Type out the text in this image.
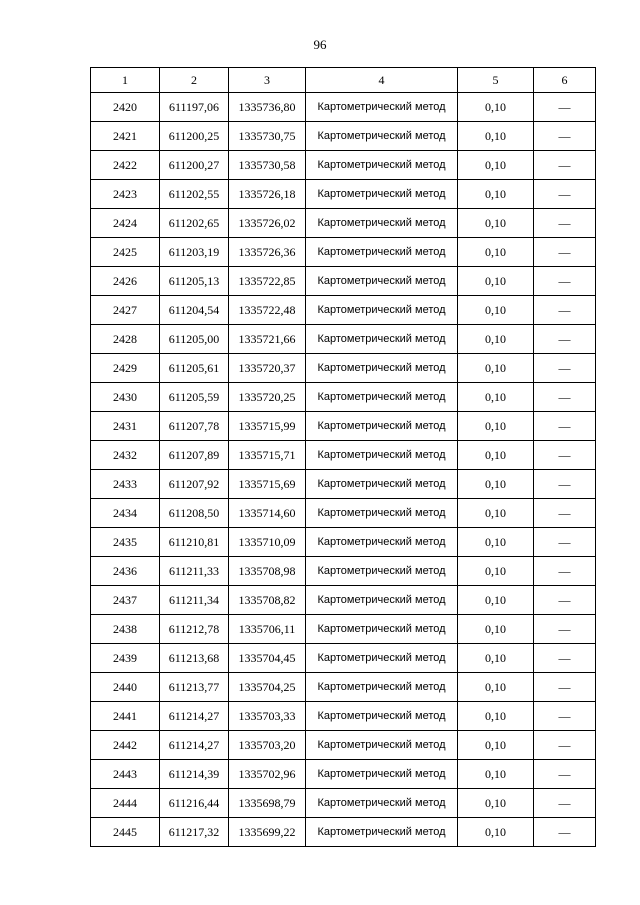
96
1	2	3	4	5	6
2420	611197,06	1335736,80	Картометрический метод	0,10	—
2421	611200,25	1335730,75	Картометрический метод	0,10	—
2422	611200,27	1335730,58	Картометрический метод	0,10	—
2423	611202,55	1335726,18	Картометрический метод	0,10	—
2424	611202,65	1335726,02	Картометрический метод	0,10	—
2425	611203,19	1335726,36	Картометрический метод	0,10	—
2426	611205,13	1335722,85	Картометрический метод	0,10	—
2427	611204,54	1335722,48	Картометрический метод	0,10	—
2428	611205,00	1335721,66	Картометрический метод	0,10	—
2429	611205,61	1335720,37	Картометрический метод	0,10	—
2430	611205,59	1335720,25	Картометрический метод	0,10	—
2431	611207,78	1335715,99	Картометрический метод	0,10	—
2432	611207,89	1335715,71	Картометрический метод	0,10	—
2433	611207,92	1335715,69	Картометрический метод	0,10	—
2434	611208,50	1335714,60	Картометрический метод	0,10	—
2435	611210,81	1335710,09	Картометрический метод	0,10	—
2436	611211,33	1335708,98	Картометрический метод	0,10	—
2437	611211,34	1335708,82	Картометрический метод	0,10	—
2438	611212,78	1335706,11	Картометрический метод	0,10	—
2439	611213,68	1335704,45	Картометрический метод	0,10	—
2440	611213,77	1335704,25	Картометрический метод	0,10	—
2441	611214,27	1335703,33	Картометрический метод	0,10	—
2442	611214,27	1335703,20	Картометрический метод	0,10	—
2443	611214,39	1335702,96	Картометрический метод	0,10	—
2444	611216,44	1335698,79	Картометрический метод	0,10	—
2445	611217,32	1335699,22	Картометрический метод	0,10	—
